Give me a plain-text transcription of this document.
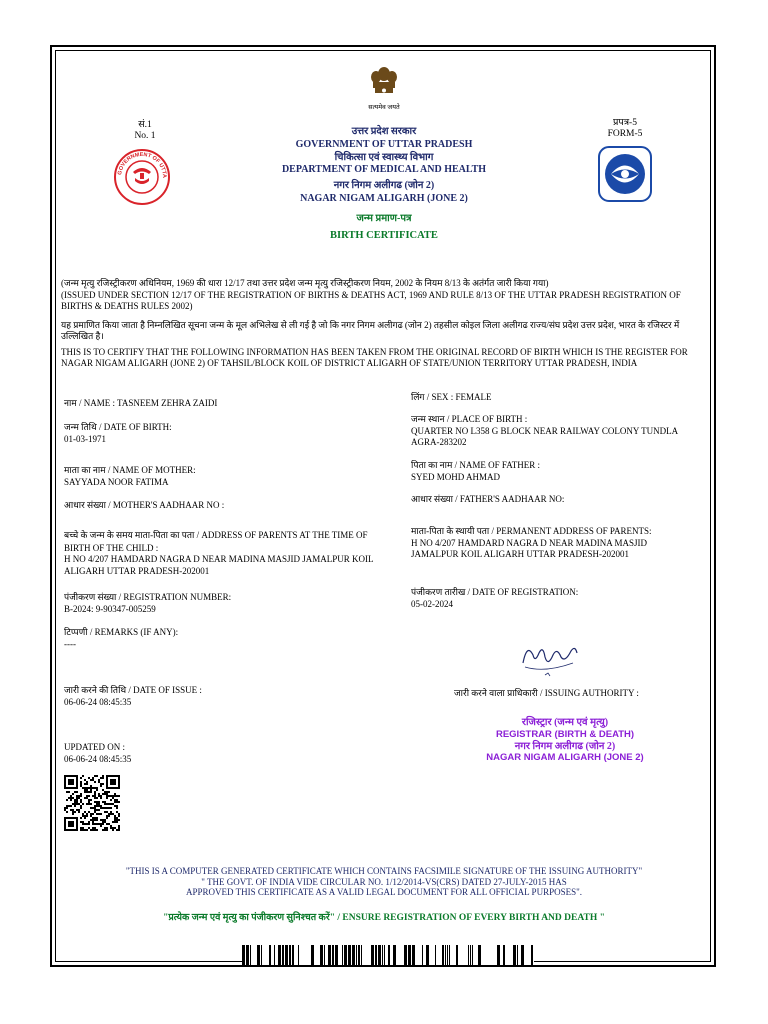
सत्यमेव जयते
सं.1
No. 1
GOVERNMENT OF UTTA
प्रपत्र-5
FORM-5
उत्तर प्रदेश सरकार
GOVERNMENT OF UTTAR PRADESH
चिकित्सा एवं स्वास्थ्य विभाग
DEPARTMENT OF MEDICAL AND HEALTH
नगर निगम अलीगढ (जोन 2)
NAGAR NIGAM ALIGARH (JONE 2)
जन्म प्रमाण-पत्र
BIRTH CERTIFICATE
(जन्म मृत्यु रजिस्ट्रीकरण अधिनियम, 1969 की धारा 12/17 तथा उत्तर प्रदेश जन्म मृत्यु रजिस्ट्रीकरण नियम, 2002 के नियम 8/13 के अतंर्गत जारी किया गया)
(ISSUED UNDER SECTION 12/17 OF THE REGISTRATION OF BIRTHS & DEATHS ACT, 1969 AND RULE 8/13 OF THE UTTAR PRADESH REGISTRATION OF BIRTHS & DEATHS RULES 2002)
यह प्रमाणित किया जाता है निम्नलिखित सूचना जन्म के मूल अभिलेख से ली गई है जो कि नगर निगम अलीगढ (जोन 2) तहसील कोइल जिला अलीगढ राज्य/संघ प्रदेश उत्तर प्रदेश, भारत के रजिस्टर में उल्लिखित है।
THIS IS TO CERTIFY THAT THE FOLLOWING INFORMATION HAS BEEN TAKEN FROM THE ORIGINAL RECORD OF BIRTH WHICH IS THE REGISTER FOR NAGAR NIGAM ALIGARH (JONE 2) OF TAHSIL/BLOCK KOIL OF DISTRICT ALIGARH OF STATE/UNION TERRITORY UTTAR PRADESH, INDIA
नाम / NAME : TASNEEM ZEHRA ZAIDI
जन्म तिथि / DATE OF BIRTH:
01-03-1971
माता का नाम / NAME OF MOTHER:
SAYYADA NOOR FATIMA
आधार संख्या / MOTHER'S AADHAAR NO :
बच्चे के जन्म के समय माता-पिता का पता / ADDRESS OF PARENTS AT THE TIME OF
BIRTH OF THE CHILD :
H NO 4/207 HAMDARD NAGRA D NEAR MADINA MASJID JAMALPUR KOIL
ALIGARH UTTAR PRADESH-202001
पंजीकरण संख्या / REGISTRATION NUMBER:
B-2024: 9-90347-005259
टिप्पणी / REMARKS (IF ANY):
----
जारी करने की तिथि / DATE OF ISSUE :
06-06-24 08:45:35
UPDATED ON :
06-06-24 08:45:35
लिंग / SEX : FEMALE
जन्म स्थान / PLACE OF BIRTH :
QUARTER NO L358 G BLOCK NEAR RAILWAY COLONY TUNDLA
AGRA-283202
पिता का नाम / NAME OF FATHER :
SYED MOHD AHMAD
आधार संख्या / FATHER'S AADHAAR NO:
माता-पिता के स्थायी पता / PERMANENT ADDRESS OF PARENTS:
H NO 4/207 HAMDARD NAGRA D NEAR MADINA MASJID
JAMALPUR KOIL ALIGARH UTTAR PRADESH-202001
पंजीकरण तारीख / DATE OF REGISTRATION:
05-02-2024
जारी करने वाला प्राधिकारी / ISSUING AUTHORITY :
रजिस्ट्रार (जन्म एवं मृत्यु)
REGISTRAR (BIRTH & DEATH)
नगर निगम अलीगढ (जोन 2)
NAGAR NIGAM ALIGARH (JONE 2)
"THIS IS A COMPUTER GENERATED CERTIFICATE WHICH CONTAINS FACSIMILE SIGNATURE OF THE ISSUING AUTHORITY"
" THE GOVT. OF INDIA VIDE CIRCULAR NO. 1/12/2014-VS(CRS) DATED 27-JULY-2015 HAS
APPROVED THIS CERTIFICATE AS A VALID LEGAL DOCUMENT FOR ALL OFFICIAL PURPOSES".
"प्रत्येक जन्म एवं मृत्यु का पंजीकरण सुनिश्चत करें" / ENSURE REGISTRATION OF EVERY BIRTH AND DEATH "
